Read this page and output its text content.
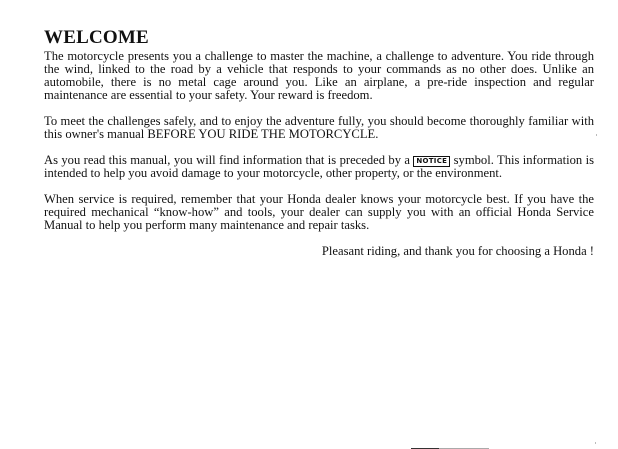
WELCOME

The motorcycle presents you a challenge to master the machine, a challenge to adventure. You ride through the wind, linked to the road by a vehicle that responds to your commands as no other does. Unlike an automobile, there is no metal cage around you. Like an airplane, a pre-ride inspection and regular maintenance are essential to your safety. Your reward is freedom.

To meet the challenges safely, and to enjoy the adventure fully, you should become thoroughly familiar with this owner's manual BEFORE YOU RIDE THE MOTORCYCLE.

As you read this manual, you will find information that is preceded by a NOTICE symbol. This information is intended to help you avoid damage to your motorcycle, other property, or the environment.

When service is required, remember that your Honda dealer knows your motorcycle best. If you have the required mechanical “know-how” and tools, your dealer can supply you with an official Honda Service Manual to help you perform many maintenance and repair tasks.

Pleasant riding, and thank you for choosing a Honda !
